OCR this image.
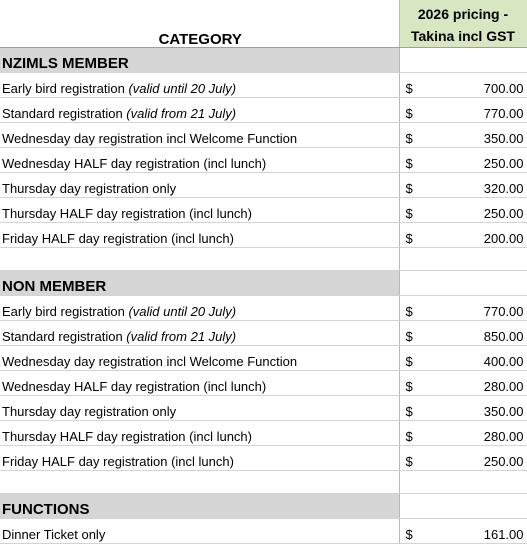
CATEGORY	2026 pricing -
Takina incl GST

NZIMLS MEMBER	
Early bird registration (valid until 20 July)	$ 700.00

Standard registration (valid from 21 July)	$ 770.00

Wednesday day registration incl Welcome Function	$ 350.00

Wednesday HALF day registration (incl lunch)	$ 250.00

Thursday day registration only	$ 320.00

Thursday HALF day registration (incl lunch)	$ 250.00

Friday HALF day registration (incl lunch)	$ 200.00

NON MEMBER	
Early bird registration (valid until 20 July)	$ 770.00

Standard registration (valid from 21 July)	$ 850.00

Wednesday day registration incl Welcome Function	$ 400.00

Wednesday HALF day registration (incl lunch)	$ 280.00

Thursday day registration only	$ 350.00

Thursday HALF day registration (incl lunch)	$ 280.00

Friday HALF day registration (incl lunch)	$ 250.00

FUNCTIONS	
Dinner Ticket only	$ 161.00
